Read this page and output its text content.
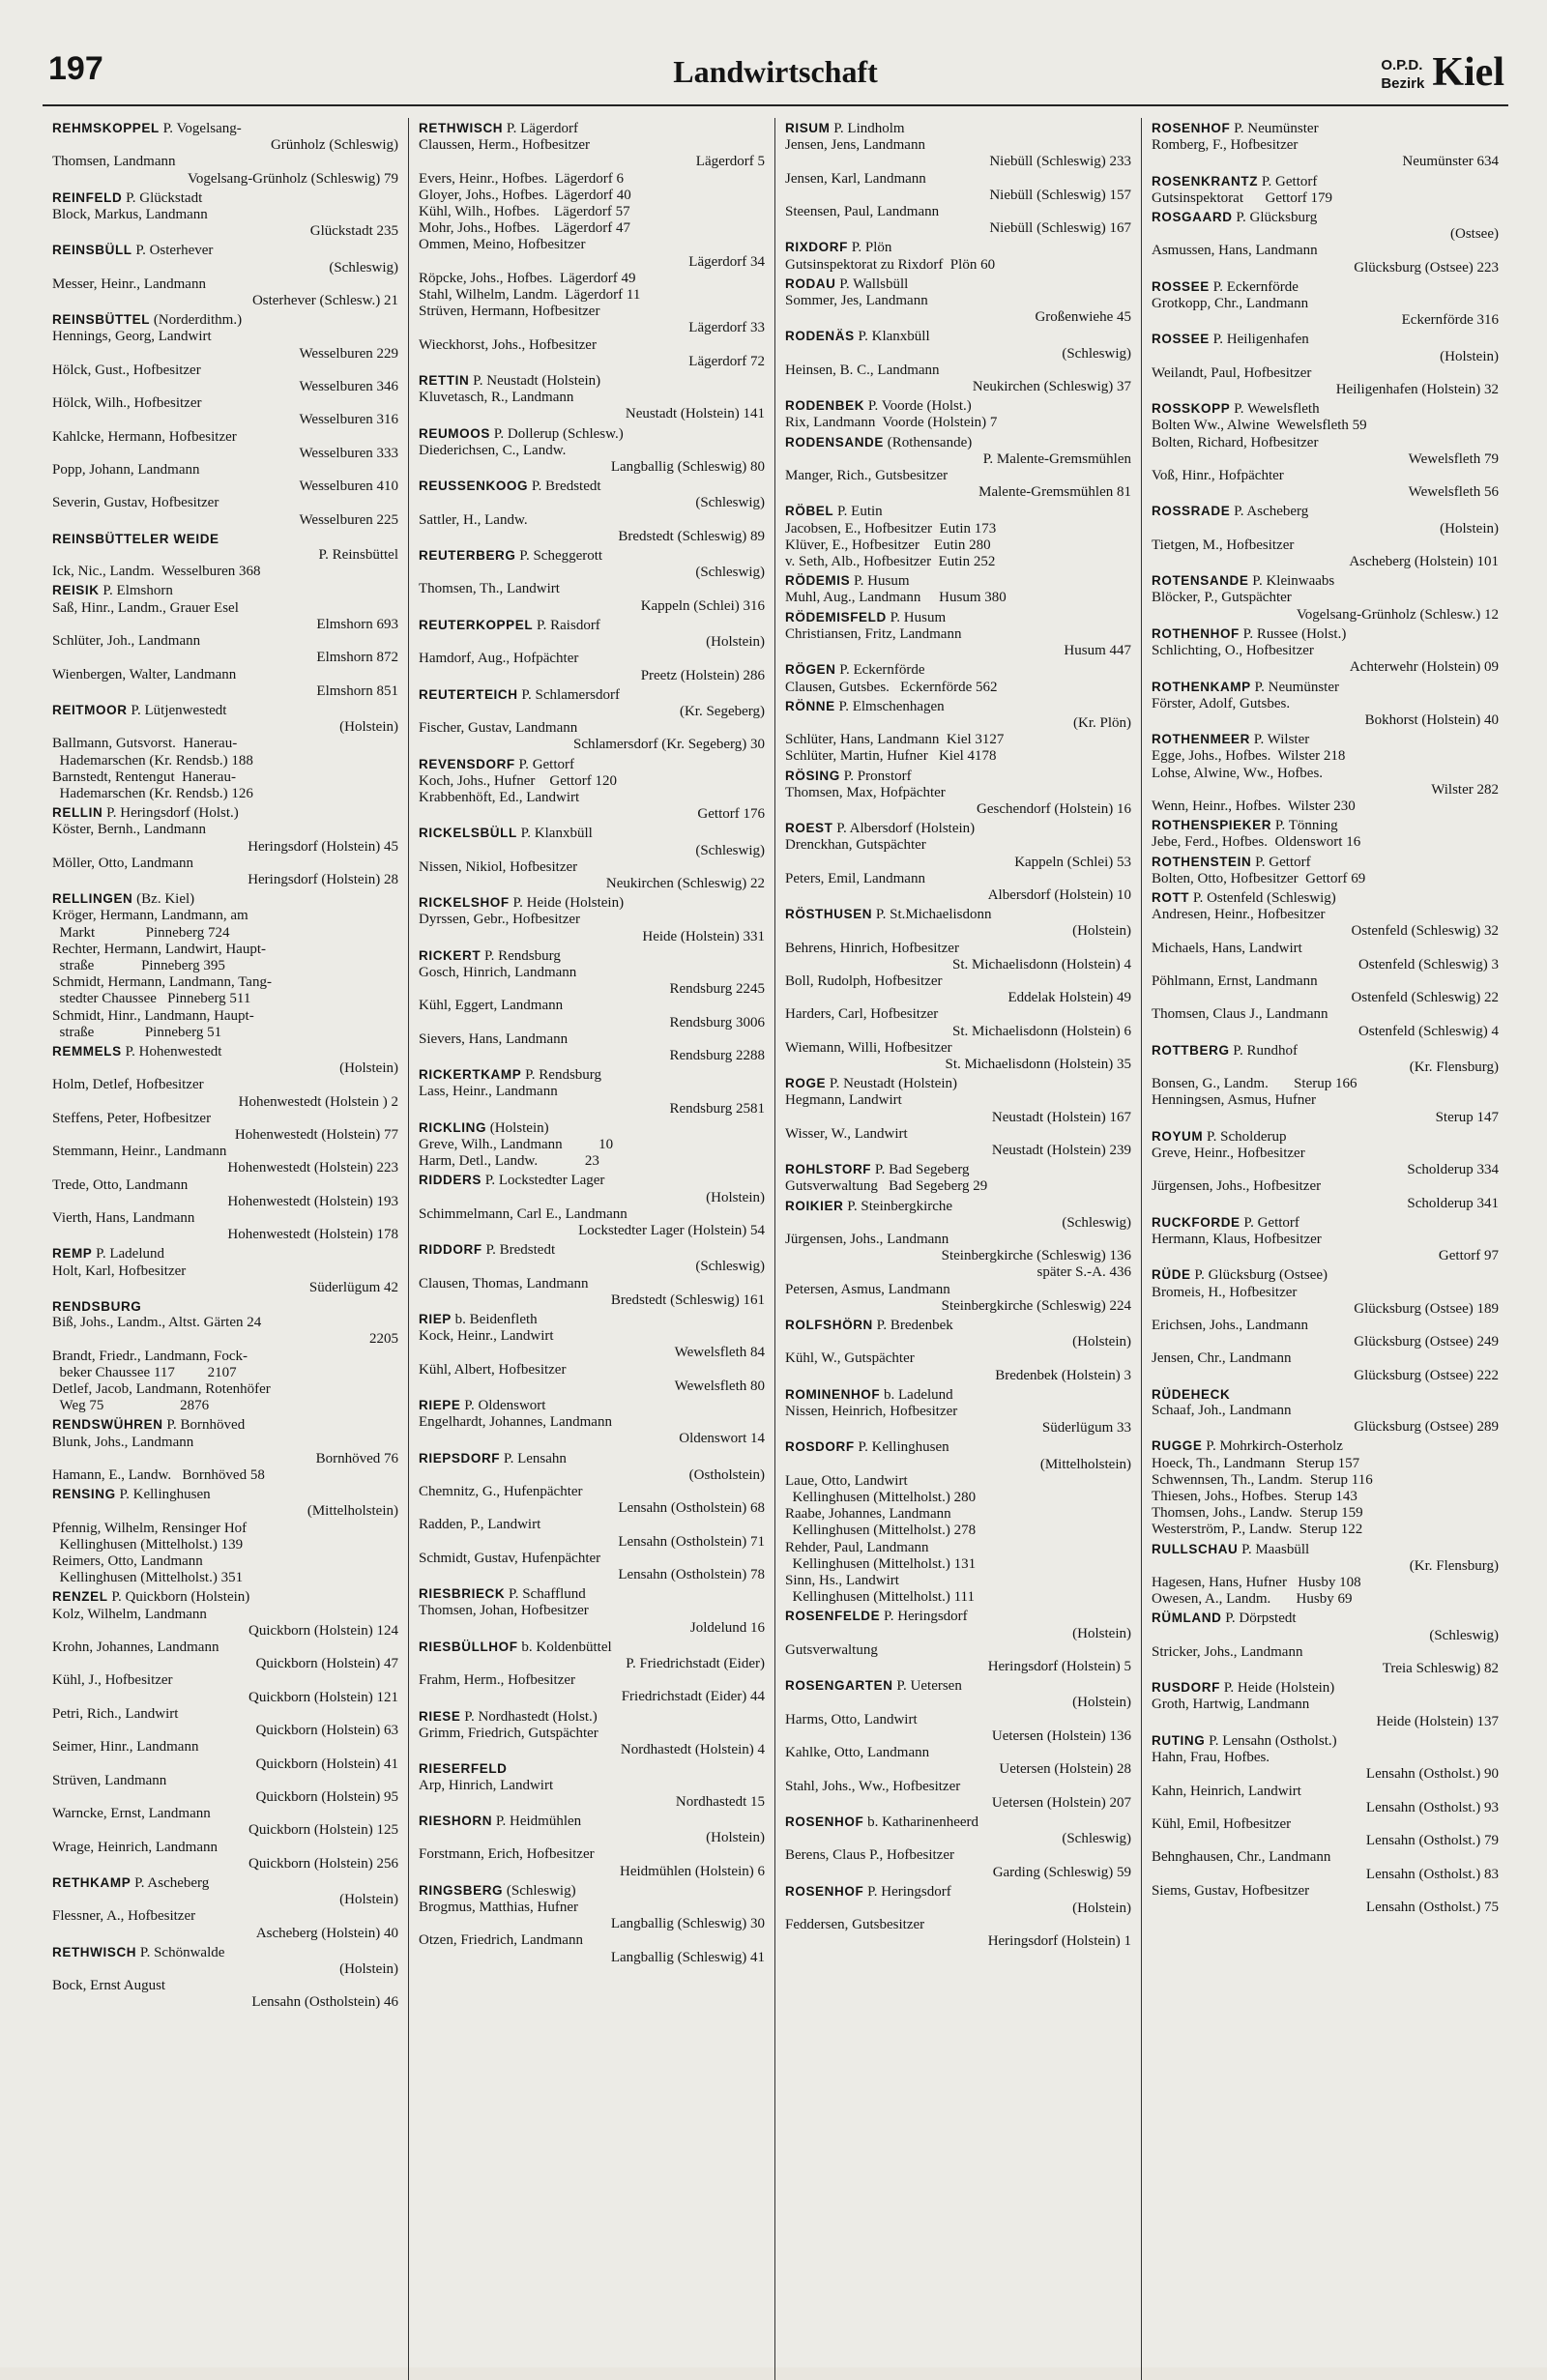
197	Landwirtschaft	O.P.D.
Bezirk Kiel
REHMSKOPPEL P. Vogelsang-
Grünholz (Schleswig)
Thomsen, Landmann
Vogelsang-Grünholz (Schleswig) 79
REINFELD P. Glückstadt
Block, Markus, Landmann
Glückstadt 235
REINSBÜLL P. Osterhever
(Schleswig)
Messer, Heinr., Landmann
Osterhever (Schlesw.) 21
REINSBÜTTEL (Norderdithm.)
Hennings, Georg, Landwirt
Wesselburen 229
Hölck, Gust., Hofbesitzer
Wesselburen 346
Hölck, Wilh., Hofbesitzer
Wesselburen 316
Kahlcke, Hermann, Hofbesitzer
Wesselburen 333
Popp, Johann, Landmann
Wesselburen 410
Severin, Gustav, Hofbesitzer
Wesselburen 225
REINSBÜTTELER WEIDE
P. Reinsbüttel
Ick, Nic., Landm.  Wesselburen 368
REISIK P. Elmshorn
Saß, Hinr., Landm., Grauer Esel
Elmshorn 693
Schlüter, Joh., Landmann
Elmshorn 872
Wienbergen, Walter, Landmann
Elmshorn 851
REITMOOR P. Lütjenwestedt
(Holstein)
Ballmann, Gutsvorst.  Hanerau-
Hademarschen (Kr. Rendsb.) 188
Barnstedt, Rentengut  Hanerau-
Hademarschen (Kr. Rendsb.) 126
RELLIN P. Heringsdorf (Holst.)
Köster, Bernh., Landmann
Heringsdorf (Holstein) 45
Möller, Otto, Landmann
Heringsdorf (Holstein) 28
RELLINGEN (Bz. Kiel)
Kröger, Hermann, Landmann, am
Markt              Pinneberg 724
Rechter, Hermann, Landwirt, Haupt-
straße             Pinneberg 395
Schmidt, Hermann, Landmann, Tang-
stedter Chaussee   Pinneberg 511
Schmidt, Hinr., Landmann, Haupt-
straße              Pinneberg 51
REMMELS P. Hohenwestedt
(Holstein)
Holm, Detlef, Hofbesitzer
Hohenwestedt (Holstein ) 2
Steffens, Peter, Hofbesitzer
Hohenwestedt (Holstein) 77
Stemmann, Heinr., Landmann
Hohenwestedt (Holstein) 223
Trede, Otto, Landmann
Hohenwestedt (Holstein) 193
Vierth, Hans, Landmann
Hohenwestedt (Holstein) 178
REMP P. Ladelund
Holt, Karl, Hofbesitzer
Süderlügum 42
RENDSBURG
Biß, Johs., Landm., Altst. Gärten 24
2205
Brandt, Friedr., Landmann, Fock-
beker Chaussee 117         2107
Detlef, Jacob, Landmann, Rotenhöfer
Weg 75                     2876
RENDSWÜHREN P. Bornhöved
Blunk, Johs., Landmann
Bornhöved 76
Hamann, E., Landw.   Bornhöved 58
RENSING P. Kellinghusen
(Mittelholstein)
Pfennig, Wilhelm, Rensinger Hof
Kellinghusen (Mittelholst.) 139
Reimers, Otto, Landmann
Kellinghusen (Mittelholst.) 351
RENZEL P. Quickborn (Holstein)
Kolz, Wilhelm, Landmann
Quickborn (Holstein) 124
Krohn, Johannes, Landmann
Quickborn (Holstein) 47
Kühl, J., Hofbesitzer
Quickborn (Holstein) 121
Petri, Rich., Landwirt
Quickborn (Holstein) 63
Seimer, Hinr., Landmann
Quickborn (Holstein) 41
Strüven, Landmann
Quickborn (Holstein) 95
Warncke, Ernst, Landmann
Quickborn (Holstein) 125
Wrage, Heinrich, Landmann
Quickborn (Holstein) 256
RETHKAMP P. Ascheberg
(Holstein)
Flessner, A., Hofbesitzer
Ascheberg (Holstein) 40
RETHWISCH P. Schönwalde
(Holstein)
Bock, Ernst August
Lensahn (Ostholstein) 46
RETHWISCH P. Lägerdorf
Claussen, Herm., Hofbesitzer
Lägerdorf 5
Evers, Heinr., Hofbes.  Lägerdorf 6
Gloyer, Johs., Hofbes.  Lägerdorf 40
Kühl, Wilh., Hofbes.    Lägerdorf 57
Mohr, Johs., Hofbes.    Lägerdorf 47
Ommen, Meino, Hofbesitzer
Lägerdorf 34
Röpcke, Johs., Hofbes.  Lägerdorf 49
Stahl, Wilhelm, Landm.  Lägerdorf 11
Strüven, Hermann, Hofbesitzer
Lägerdorf 33
Wieckhorst, Johs., Hofbesitzer
Lägerdorf 72
RETTIN P. Neustadt (Holstein)
Kluvetasch, R., Landmann
Neustadt (Holstein) 141
REUMOOS P. Dollerup (Schlesw.)
Diederichsen, C., Landw.
Langballig (Schleswig) 80
REUSSENKOOG P. Bredstedt
(Schleswig)
Sattler, H., Landw.
Bredstedt (Schleswig) 89
REUTERBERG P. Scheggerott
(Schleswig)
Thomsen, Th., Landwirt
Kappeln (Schlei) 316
REUTERKOPPEL P. Raisdorf
(Holstein)
Hamdorf, Aug., Hofpächter
Preetz (Holstein) 286
REUTERTEICH P. Schlamersdorf
(Kr. Segeberg)
Fischer, Gustav, Landmann
Schlamersdorf (Kr. Segeberg) 30
REVENSDORF P. Gettorf
Koch, Johs., Hufner    Gettorf 120
Krabbenhöft, Ed., Landwirt
Gettorf 176
RICKELSBÜLL P. Klanxbüll
(Schleswig)
Nissen, Nikiol, Hofbesitzer
Neukirchen (Schleswig) 22
RICKELSHOF P. Heide (Holstein)
Dyrssen, Gebr., Hofbesitzer
Heide (Holstein) 331
RICKERT P. Rendsburg
Gosch, Hinrich, Landmann
Rendsburg 2245
Kühl, Eggert, Landmann
Rendsburg 3006
Sievers, Hans, Landmann
Rendsburg 2288
RICKERTKAMP P. Rendsburg
Lass, Heinr., Landmann
Rendsburg 2581
RICKLING (Holstein)
Greve, Wilh., Landmann          10
Harm, Detl., Landw.             23
RIDDERS P. Lockstedter Lager
(Holstein)
Schimmelmann, Carl E., Landmann
Lockstedter Lager (Holstein) 54
RIDDORF P. Bredstedt
(Schleswig)
Clausen, Thomas, Landmann
Bredstedt (Schleswig) 161
RIEP b. Beidenfleth
Kock, Heinr., Landwirt
Wewelsfleth 84
Kühl, Albert, Hofbesitzer
Wewelsfleth 80
RIEPE P. Oldenswort
Engelhardt, Johannes, Landmann
Oldenswort 14
RIEPSDORF P. Lensahn
(Ostholstein)
Chemnitz, G., Hufenpächter
Lensahn (Ostholstein) 68
Radden, P., Landwirt
Lensahn (Ostholstein) 71
Schmidt, Gustav, Hufenpächter
Lensahn (Ostholstein) 78
RIESBRIECK P. Schafflund
Thomsen, Johan, Hofbesitzer
Joldelund 16
RIESBÜLLHOF b. Koldenbüttel
P. Friedrichstadt (Eider)
Frahm, Herm., Hofbesitzer
Friedrichstadt (Eider) 44
RIESE P. Nordhastedt (Holst.)
Grimm, Friedrich, Gutspächter
Nordhastedt (Holstein) 4
RIESERFELD
Arp, Hinrich, Landwirt
Nordhastedt 15
RIESHORN P. Heidmühlen
(Holstein)
Forstmann, Erich, Hofbesitzer
Heidmühlen (Holstein) 6
RINGSBERG (Schleswig)
Brogmus, Matthias, Hufner
Langballig (Schleswig) 30
Otzen, Friedrich, Landmann
Langballig (Schleswig) 41
RISUM P. Lindholm
Jensen, Jens, Landmann
Niebüll (Schleswig) 233
Jensen, Karl, Landmann
Niebüll (Schleswig) 157
Steensen, Paul, Landmann
Niebüll (Schleswig) 167
RIXDORF P. Plön
Gutsinspektorat zu Rixdorf  Plön 60
RODAU P. Wallsbüll
Sommer, Jes, Landmann
Großenwiehe 45
RODENÄS P. Klanxbüll
(Schleswig)
Heinsen, B. C., Landmann
Neukirchen (Schleswig) 37
RODENBEK P. Voorde (Holst.)
Rix, Landmann  Voorde (Holstein) 7
RODENSANDE (Rothensande)
P. Malente-Gremsmühlen
Manger, Rich., Gutsbesitzer
Malente-Gremsmühlen 81
RÖBEL P. Eutin
Jacobsen, E., Hofbesitzer  Eutin 173
Klüver, E., Hofbesitzer    Eutin 280
v. Seth, Alb., Hofbesitzer  Eutin 252
RÖDEMIS P. Husum
Muhl, Aug., Landmann     Husum 380
RÖDEMISFELD P. Husum
Christiansen, Fritz, Landmann
Husum 447
RÖGEN P. Eckernförde
Clausen, Gutsbes.   Eckernförde 562
RÖNNE P. Elmschenhagen
(Kr. Plön)
Schlüter, Hans, Landmann  Kiel 3127
Schlüter, Martin, Hufner   Kiel 4178
RÖSING P. Pronstorf
Thomsen, Max, Hofpächter
Geschendorf (Holstein) 16
ROEST P. Albersdorf (Holstein)
Drenckhan, Gutspächter
Kappeln (Schlei) 53
Peters, Emil, Landmann
Albersdorf (Holstein) 10
RÖSTHUSEN P. St.Michaelisdonn
(Holstein)
Behrens, Hinrich, Hofbesitzer
St. Michaelisdonn (Holstein) 4
Boll, Rudolph, Hofbesitzer
Eddelak Holstein) 49
Harders, Carl, Hofbesitzer
St. Michaelisdonn (Holstein) 6
Wiemann, Willi, Hofbesitzer
St. Michaelisdonn (Holstein) 35
ROGE P. Neustadt (Holstein)
Hegmann, Landwirt
Neustadt (Holstein) 167
Wisser, W., Landwirt
Neustadt (Holstein) 239
ROHLSTORF P. Bad Segeberg
Gutsverwaltung   Bad Segeberg 29
ROIKIER P. Steinbergkirche
(Schleswig)
Jürgensen, Johs., Landmann
Steinbergkirche (Schleswig) 136
später S.-A. 436
Petersen, Asmus, Landmann
Steinbergkirche (Schleswig) 224
ROLFSHÖRN P. Bredenbek
(Holstein)
Kühl, W., Gutspächter
Bredenbek (Holstein) 3
ROMINENHOF b. Ladelund
Nissen, Heinrich, Hofbesitzer
Süderlügum 33
ROSDORF P. Kellinghusen
(Mittelholstein)
Laue, Otto, Landwirt
Kellinghusen (Mittelholst.) 280
Raabe, Johannes, Landmann
Kellinghusen (Mittelholst.) 278
Rehder, Paul, Landmann
Kellinghusen (Mittelholst.) 131
Sinn, Hs., Landwirt
Kellinghusen (Mittelholst.) 111
ROSENFELDE P. Heringsdorf
(Holstein)
Gutsverwaltung
Heringsdorf (Holstein) 5
ROSENGARTEN P. Uetersen
(Holstein)
Harms, Otto, Landwirt
Uetersen (Holstein) 136
Kahlke, Otto, Landmann
Uetersen (Holstein) 28
Stahl, Johs., Ww., Hofbesitzer
Uetersen (Holstein) 207
ROSENHOF b. Katharinenheerd
(Schleswig)
Berens, Claus P., Hofbesitzer
Garding (Schleswig) 59
ROSENHOF P. Heringsdorf
(Holstein)
Feddersen, Gutsbesitzer
Heringsdorf (Holstein) 1
ROSENHOF P. Neumünster
Romberg, F., Hofbesitzer
Neumünster 634
ROSENKRANTZ P. Gettorf
Gutsinspektorat      Gettorf 179
ROSGAARD P. Glücksburg
(Ostsee)
Asmussen, Hans, Landmann
Glücksburg (Ostsee) 223
ROSSEE P. Eckernförde
Grotkopp, Chr., Landmann
Eckernförde 316
ROSSEE P. Heiligenhafen
(Holstein)
Weilandt, Paul, Hofbesitzer
Heiligenhafen (Holstein) 32
ROSSKOPP P. Wewelsfleth
Bolten Ww., Alwine  Wewelsfleth 59
Bolten, Richard, Hofbesitzer
Wewelsfleth 79
Voß, Hinr., Hofpächter
Wewelsfleth 56
ROSSRADE P. Ascheberg
(Holstein)
Tietgen, M., Hofbesitzer
Ascheberg (Holstein) 101
ROTENSANDE P. Kleinwaabs
Blöcker, P., Gutspächter
Vogelsang-Grünholz (Schlesw.) 12
ROTHENHOF P. Russee (Holst.)
Schlichting, O., Hofbesitzer
Achterwehr (Holstein) 09
ROTHENKAMP P. Neumünster
Förster, Adolf, Gutsbes.
Bokhorst (Holstein) 40
ROTHENMEER P. Wilster
Egge, Johs., Hofbes.  Wilster 218
Lohse, Alwine, Ww., Hofbes.
Wilster 282
Wenn, Heinr., Hofbes.  Wilster 230
ROTHENSPIEKER P. Tönning
Jebe, Ferd., Hofbes.  Oldenswort 16
ROTHENSTEIN P. Gettorf
Bolten, Otto, Hofbesitzer  Gettorf 69
ROTT P. Ostenfeld (Schleswig)
Andresen, Heinr., Hofbesitzer
Ostenfeld (Schleswig) 32
Michaels, Hans, Landwirt
Ostenfeld (Schleswig) 3
Pöhlmann, Ernst, Landmann
Ostenfeld (Schleswig) 22
Thomsen, Claus J., Landmann
Ostenfeld (Schleswig) 4
ROTTBERG P. Rundhof
(Kr. Flensburg)
Bonsen, G., Landm.       Sterup 166
Henningsen, Asmus, Hufner
Sterup 147
ROYUM P. Scholderup
Greve, Heinr., Hofbesitzer
Scholderup 334
Jürgensen, Johs., Hofbesitzer
Scholderup 341
RUCKFORDE P. Gettorf
Hermann, Klaus, Hofbesitzer
Gettorf 97
RÜDE P. Glücksburg (Ostsee)
Bromeis, H., Hofbesitzer
Glücksburg (Ostsee) 189
Erichsen, Johs., Landmann
Glücksburg (Ostsee) 249
Jensen, Chr., Landmann
Glücksburg (Ostsee) 222
RÜDEHECK
Schaaf, Joh., Landmann
Glücksburg (Ostsee) 289
RUGGE P. Mohrkirch-Osterholz
Hoeck, Th., Landmann   Sterup 157
Schwennsen, Th., Landm.  Sterup 116
Thiesen, Johs., Hofbes.  Sterup 143
Thomsen, Johs., Landw.  Sterup 159
Westerström, P., Landw.  Sterup 122
RULLSCHAU P. Maasbüll
(Kr. Flensburg)
Hagesen, Hans, Hufner   Husby 108
Owesen, A., Landm.       Husby 69
RÜMLAND P. Dörpstedt
(Schleswig)
Stricker, Johs., Landmann
Treia Schleswig) 82
RUSDORF P. Heide (Holstein)
Groth, Hartwig, Landmann
Heide (Holstein) 137
RUTING P. Lensahn (Ostholst.)
Hahn, Frau, Hofbes.
Lensahn (Ostholst.) 90
Kahn, Heinrich, Landwirt
Lensahn (Ostholst.) 93
Kühl, Emil, Hofbesitzer
Lensahn (Ostholst.) 79
Behnghausen, Chr., Landmann
Lensahn (Ostholst.) 83
Siems, Gustav, Hofbesitzer
Lensahn (Ostholst.) 75
